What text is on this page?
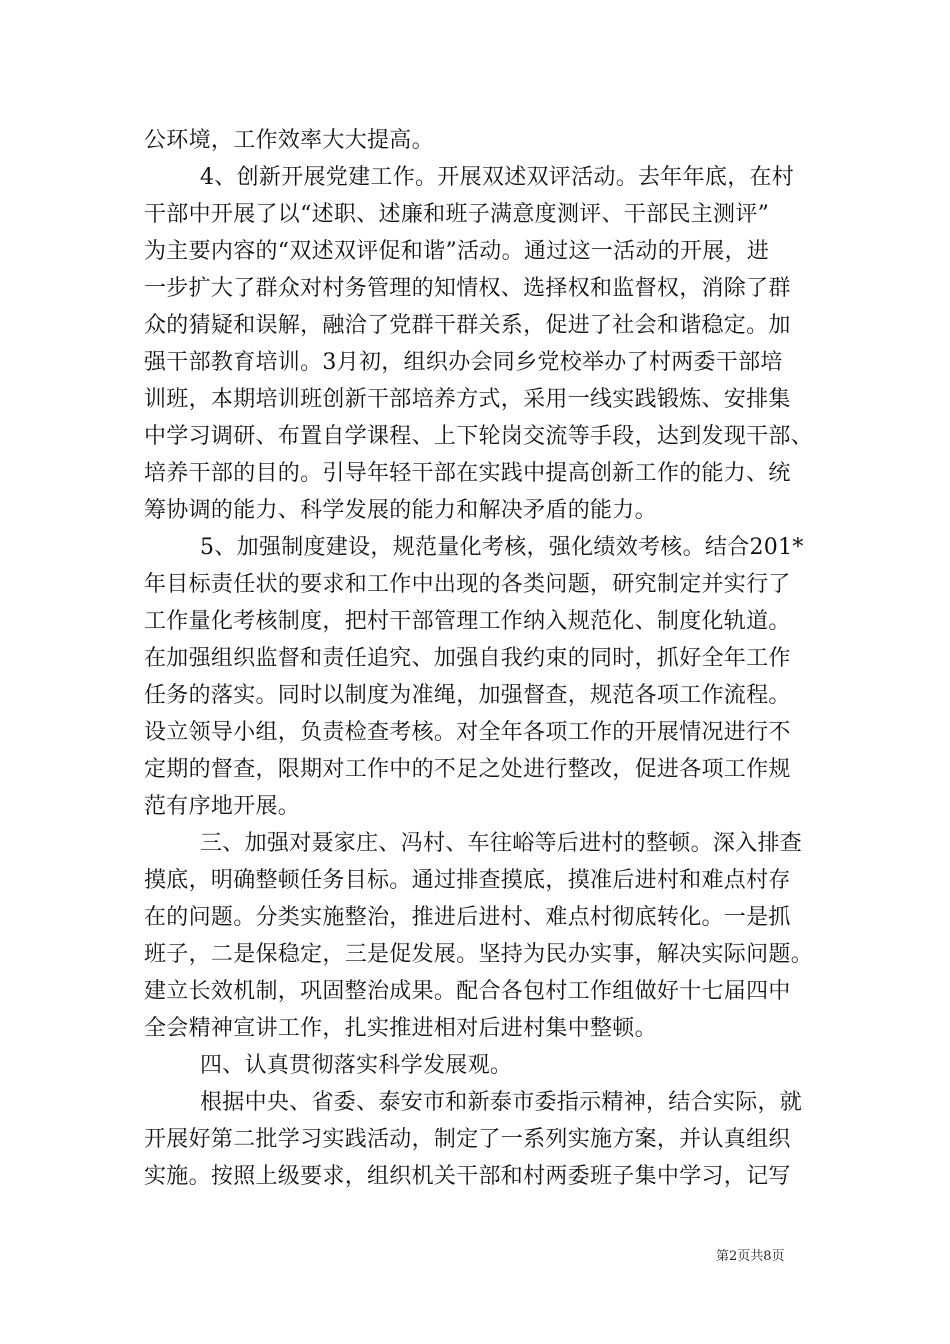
公环境，工作效率大大提高。
4、创新开展党建工作。开展双述双评活动。去年年底，在村
干部中开展了以“述职、述廉和班子满意度测评、干部民主测评”
为主要内容的“双述双评促和谐”活动。通过这一活动的开展，进
一步扩大了群众对村务管理的知情权、选择权和监督权，消除了群
众的猜疑和误解，融洽了党群干群关系，促进了社会和谐稳定。加
强干部教育培训。3月初，组织办会同乡党校举办了村两委干部培
训班，本期培训班创新干部培养方式，采用一线实践锻炼、安排集
中学习调研、布置自学课程、上下轮岗交流等手段，达到发现干部、
培养干部的目的。引导年轻干部在实践中提高创新工作的能力、统
筹协调的能力、科学发展的能力和解决矛盾的能力。
5、加强制度建设，规范量化考核，强化绩效考核。结合201*
年目标责任状的要求和工作中出现的各类问题，研究制定并实行了
工作量化考核制度，把村干部管理工作纳入规范化、制度化轨道。
在加强组织监督和责任追究、加强自我约束的同时，抓好全年工作
任务的落实。同时以制度为准绳，加强督查，规范各项工作流程。
设立领导小组，负责检查考核。对全年各项工作的开展情况进行不
定期的督查，限期对工作中的不足之处进行整改，促进各项工作规
范有序地开展。
三、加强对聂家庄、冯村、车往峪等后进村的整顿。深入排查
摸底，明确整顿任务目标。通过排查摸底，摸准后进村和难点村存
在的问题。分类实施整治，推进后进村、难点村彻底转化。一是抓
班子，二是保稳定，三是促发展。坚持为民办实事，解决实际问题。
建立长效机制，巩固整治成果。配合各包村工作组做好十七届四中
全会精神宣讲工作，扎实推进相对后进村集中整顿。
四、认真贯彻落实科学发展观。
根据中央、省委、泰安市和新泰市委指示精神，结合实际，就
开展好第二批学习实践活动，制定了一系列实施方案，并认真组织
实施。按照上级要求，组织机关干部和村两委班子集中学习，记写
第2页共8页
